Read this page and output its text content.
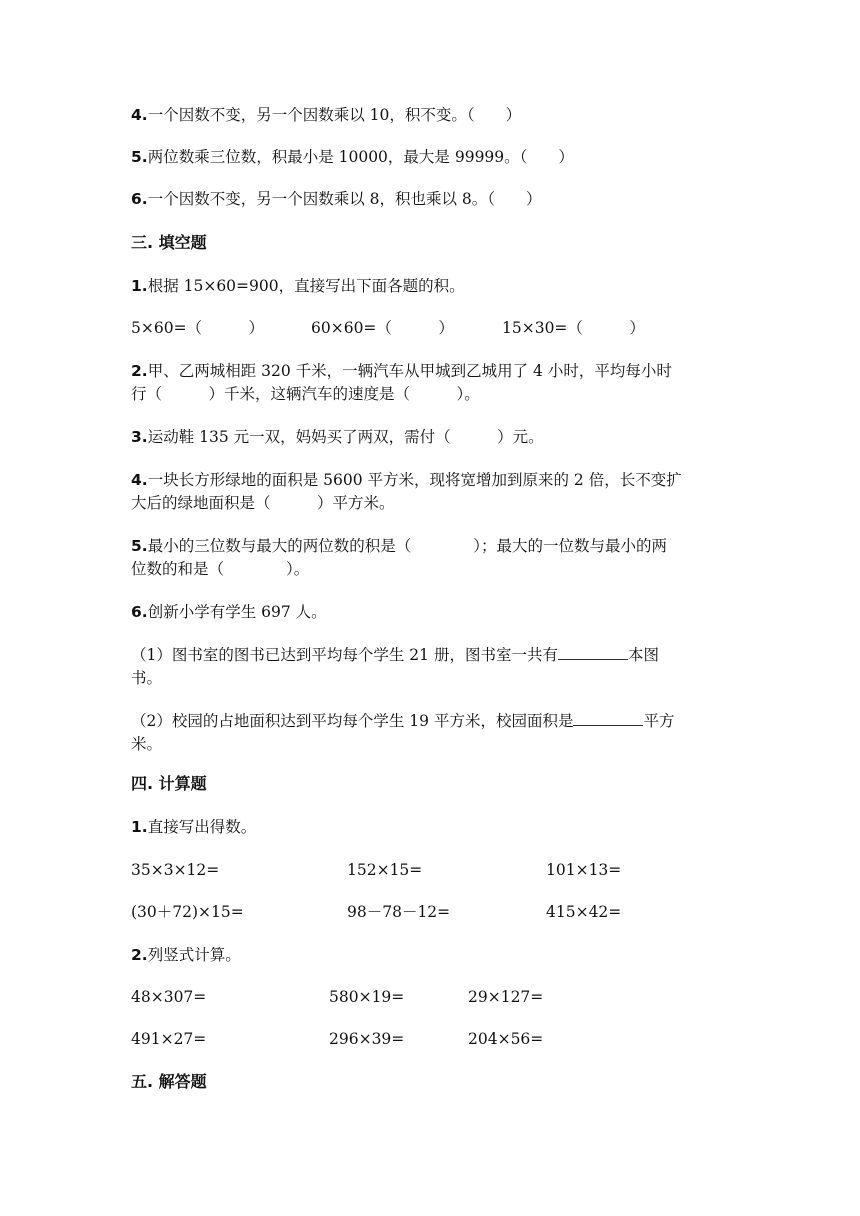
4.一个因数不变，另一个因数乘以 10，积不变。（　　）
5.两位数乘三位数，积最小是 10000，最大是 99999。（　　）
6.一个因数不变，另一个因数乘以 8，积也乘以 8。（　　）
三. 填空题
1.根据 15×60=900，直接写出下面各题的积。
5×60=（　　　）	60×60=（　　　）	15×30=（　　　）
2.甲、乙两城相距 320 千米，一辆汽车从甲城到乙城用了 4 小时，平均每小时
行（　　　）千米，这辆汽车的速度是（　　　）。
3.运动鞋 135 元一双，妈妈买了两双，需付（　　　）元。
4.一块长方形绿地的面积是 5600 平方米，现将宽增加到原来的 2 倍，长不变扩
大后的绿地面积是（　　　）平方米。
5.最小的三位数与最大的两位数的积是（　　　　）；最大的一位数与最小的两
位数的和是（　　　　）。
6.创新小学有学生 697 人。
（1）图书室的图书已达到平均每个学生 21 册，图书室一共有	本图
书。
（2）校园的占地面积达到平均每个学生 19 平方米，校园面积是	平方
米。
四. 计算题
1.直接写出得数。
35×3×12=	152×15=	101×13=
(30＋72)×15=	98－78－12=	415×42=
2.列竖式计算。
48×307=	580×19=	29×127=
491×27=	296×39=	204×56=
五. 解答题
